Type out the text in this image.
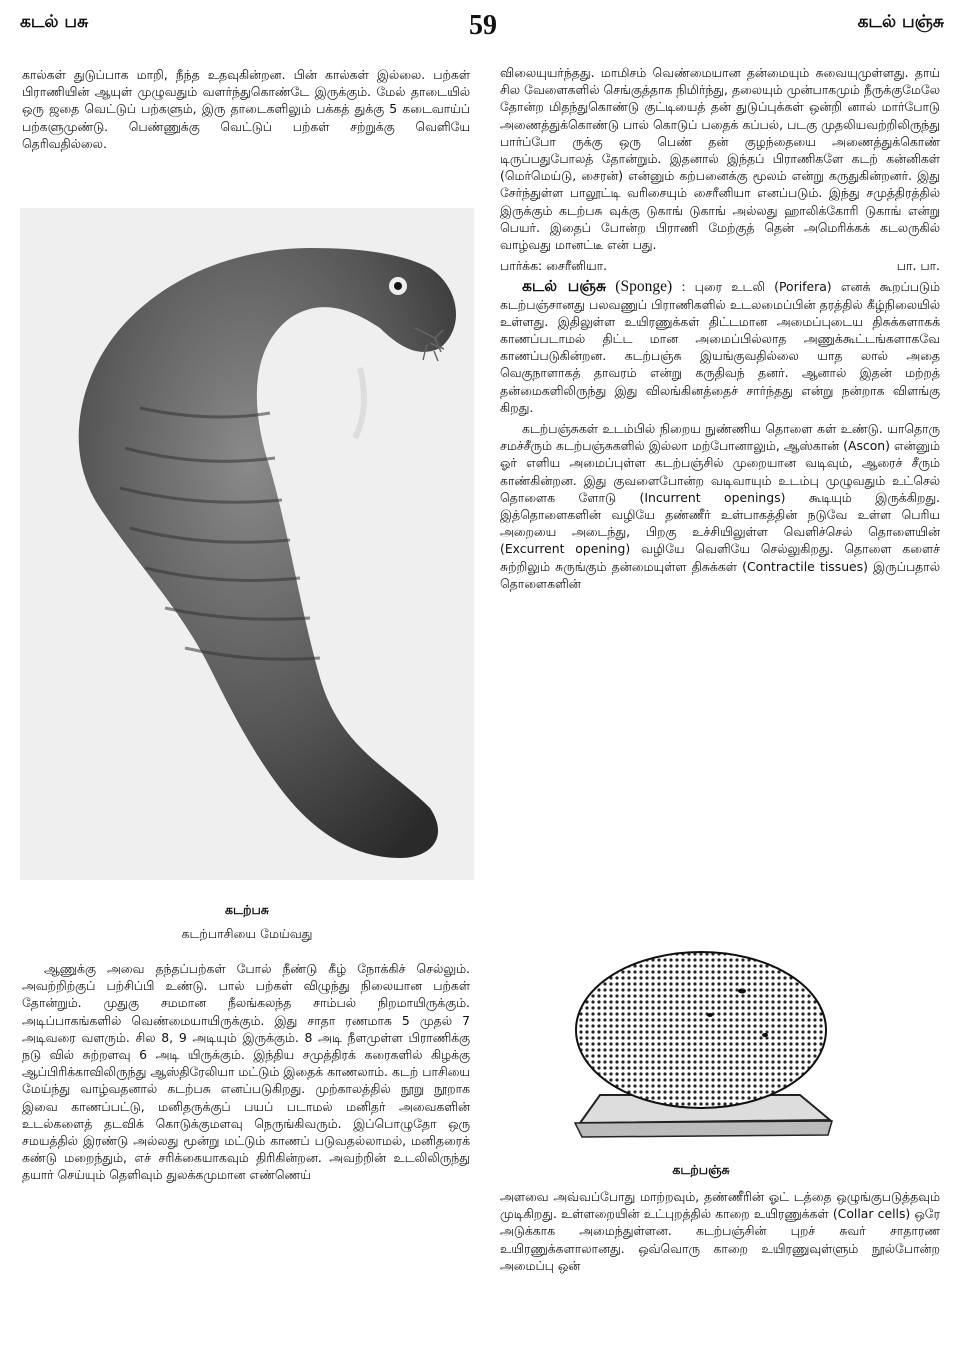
கடல் பசு	59	கடல் பஞ்சு

கால்கள் துடுப்பாக மாறி, நீந்த உதவுகின்றன. பின் கால்கள் இல்லை. பற்கள் பிராணியின் ஆயுள் முழுவதும் வளர்ந்துகொண்டே இருக்கும். மேல் தாடையில் ஒரு ஜதை வெட்டுப் பற்களும், இரு தாடைகளிலும் பக்கத் துக்கு 5 கடைவாய்ப் பற்களுமுண்டு. பெண்ணுக்கு வெட்டுப் பற்கள் சற்றுக்கு வெளியே தெரிவதில்லை.

கடற்பசு
கடற்பாசியை மேய்வது

ஆணுக்கு அவை தந்தப்பற்கள் போல் நீண்டு கீழ் நோக்கிச் செல்லும். அவற்றிற்குப் பற்சிப்பி உண்டு. பால் பற்கள் விழுந்து நிலையான பற்கள் தோன்றும். முதுகு சமமான நீலங்கலந்த சாம்பல் நிறமாயிருக்கும். அடிப்பாகங்களில் வெண்மையாயிருக்கும். இது சாதா ரணமாக 5 முதல் 7 அடிவரை வளரும். சில 8, 9 அடியும் இருக்கும். 8 அடி நீளமுள்ள பிராணிக்கு நடு வில் சுற்றளவு 6 அடி யிருக்கும். இந்திய சமுத்திரக் கரைகளில் கிழக்கு ஆப்பிரிக்காவிலிருந்து ஆஸ்திரேலியா மட்டும் இதைக் காணலாம். கடற் பாசியை மேய்ந்து வாழ்வதனால் கடற்பசு எனப்படுகிறது. முற்காலத்தில் நூறு நூறாக இவை காணப்பட்டு, மனிதருக்குப் பயப் படாமல் மனிதர் அவைகளின் உடல்களைத் தடவிக் கொடுக்குமளவு நெருங்கிவரும். இப்பொழுதோ ஒரு சமயத்தில் இரண்டு அல்லது மூன்று மட்டும் காணப் படுவதல்லாமல், மனிதரைக் கண்டு மறைந்தும், எச் சரிக்கையாகவும் திரிகின்றன. அவற்றின் உடலிலிருந்து தயார் செய்யும் தெளிவும் துலக்கமுமான எண்ணெய்

விலையுயர்ந்தது. மாமிசம் வெண்மையான தன்மையும் சுவையுமுள்ளது. தாய் சில வேளைகளில் செங்குத்தாக நிமிர்ந்து, தலையும் முன்பாகமும் நீருக்குமேலே தோன்ற மிதந்துகொண்டு குட்டியைத் தன் துடுப்புக்கள் ஒன்றி னால் மார்போடு அணைத்துக்கொண்டு பால் கொடுப் பதைக் கப்பல், படகு முதலியவற்றிலிருந்து பார்ப்போ ருக்கு ஒரு பெண் தன் குழந்தையை அணைத்துக்கொண் டிருப்பதுபோலத் தோன்றும். இதனால் இந்தப் பிராணிகளே கடற் கன்னிகள் (மெர்மெய்டு, சைரன்) என்னும் கற்பனைக்கு மூலம் என்று கருதுகின்றனர். இது சேர்ந்துள்ள பாலூட்டி வரிசையும் சைரீனியா எனப்படும். இந்து சமுத்திரத்தில் இருக்கும் கடற்பசு வுக்கு டுகாங் டுகாங் அல்லது ஹாலிக்கோரி டுகாங் என்று பெயர். இதைப் போன்ற பிராணி மேற்குத் தென் அமெரிக்கக் கடலருகில் வாழ்வது மானட்டீ என் பது.

பார்க்க: சைரீனியா.	பா. பா.

கடல் பஞ்சு (Sponge) : புரை உடலி (Porifera) எனக் கூறப்படும் கடற்பஞ்சானது பலவணுப் பிராணிகளில் உடலமைப்பின் தரத்தில் கீழ்நிலையில் உள்ளது. இதிலுள்ள உயிரணுக்கள் திட்டமான அமைப்புடைய திசுக்களாகக் காணப்படாமல் திட்ட மான அமைப்பில்லாத அணுக்கூட்டங்களாகவே காணப்படுகின்றன. கடற்பஞ்சு இயங்குவதில்லை யாத லால் அதை வெகுநாளாகத் தாவரம் என்று கருதிவந் தனர். ஆனால் இதன் மற்றத் தன்மைகளிலிருந்து இது விலங்கினத்தைச் சார்ந்தது என்று நன்றாக விளங்கு கிறது.

கடற்பஞ்சுகள் உடம்பில் நிறைய நுண்ணிய தொளை கள் உண்டு. யாதொரு சமச்சீரும் கடற்பஞ்சுகளில் இல்லா மற்போனாலும், ஆஸ்கான் (Ascon) என்னும் ஓர் எளிய அமைப்புள்ள கடற்பஞ்சில் முறையான வடிவும், ஆரைச் சீரும் காண்கின்றன. இது குவளைபோன்ற வடிவாயும் உடம்பு முழுவதும் உட்செல் தொளைக ளோடு (Incurrent openings) கூடியும் இருக்கிறது. இத்தொளைகளின் வழியே தண்ணீர் உள்பாகத்தின் நடுவே உள்ள பெரிய அறையை அடைந்து, பிறகு உச்சியிலுள்ள வெளிச்செல் தொளையின் (Excurrent opening) வழியே வெளியே செல்லுகிறது. தொளை களைச் சுற்றிலும் சுருங்கும் தன்மையுள்ள திசுக்கள் (Contractile tissues) இருப்பதால் தொளைகளின்

கடற்பஞ்சு

அளவை அவ்வப்போது மாற்றவும், தண்ணீரின் ஓட் டத்தை ஒழுங்குபடுத்தவும் முடிகிறது. உள்ளறையின் உட்புறத்தில் காறை உயிரணுக்கள் (Collar cells) ஒரே அடுக்காக அமைந்துள்ளன. கடற்பஞ்சின் புறச் சுவர் சாதாரண உயிரணுக்களாலானது. ஒவ்வொரு காறை உயிரணுவுள்ளும் நூல்போன்ற அமைப்பு ஒன்
